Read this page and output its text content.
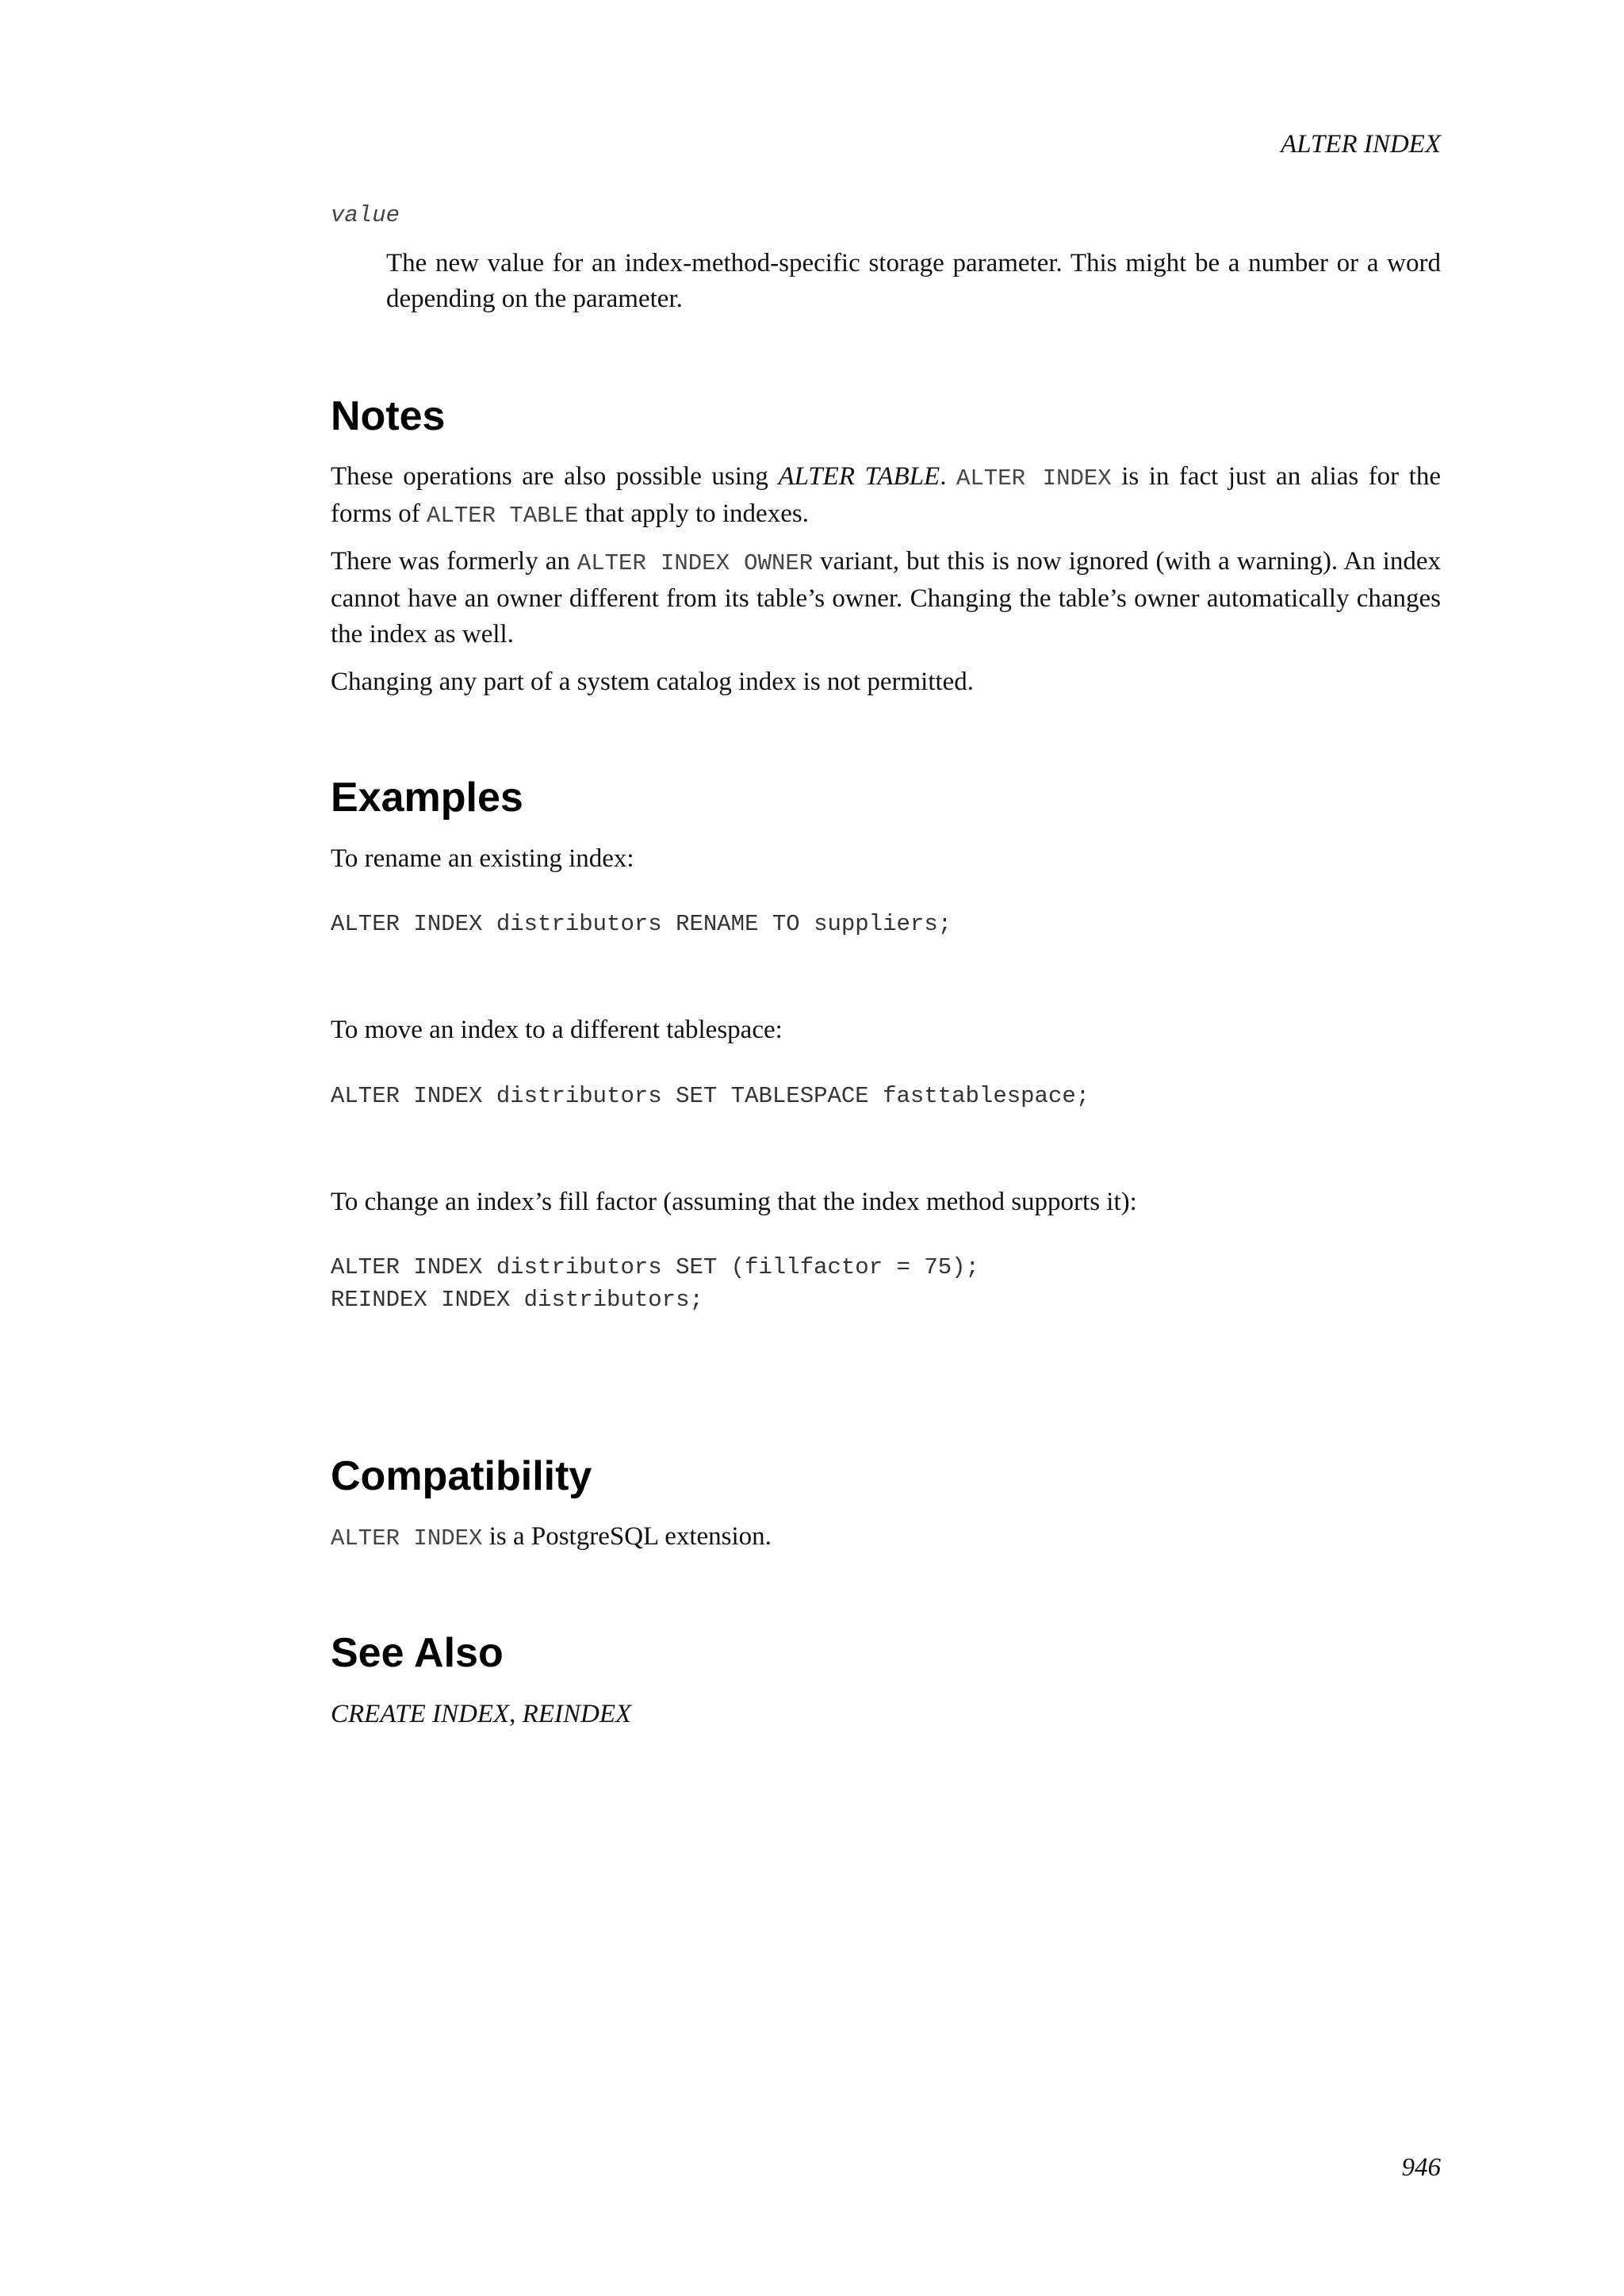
ALTER INDEX
value

The new value for an index-method-specific storage parameter. This might be a number or a word depending on the parameter.

Notes

These operations are also possible using ALTER TABLE. ALTER INDEX is in fact just an alias for the forms of ALTER TABLE that apply to indexes.

There was formerly an ALTER INDEX OWNER variant, but this is now ignored (with a warning). An index cannot have an owner different from its table’s owner. Changing the table’s owner automatically changes the index as well.

Changing any part of a system catalog index is not permitted.

Examples

To rename an existing index:

ALTER INDEX distributors RENAME TO suppliers;

To move an index to a different tablespace:

ALTER INDEX distributors SET TABLESPACE fasttablespace;

To change an index’s fill factor (assuming that the index method supports it):

ALTER INDEX distributors SET (fillfactor = 75);
REINDEX INDEX distributors;
Compatibility

ALTER INDEX is a PostgreSQL extension.

See Also

CREATE INDEX, REINDEX

946
